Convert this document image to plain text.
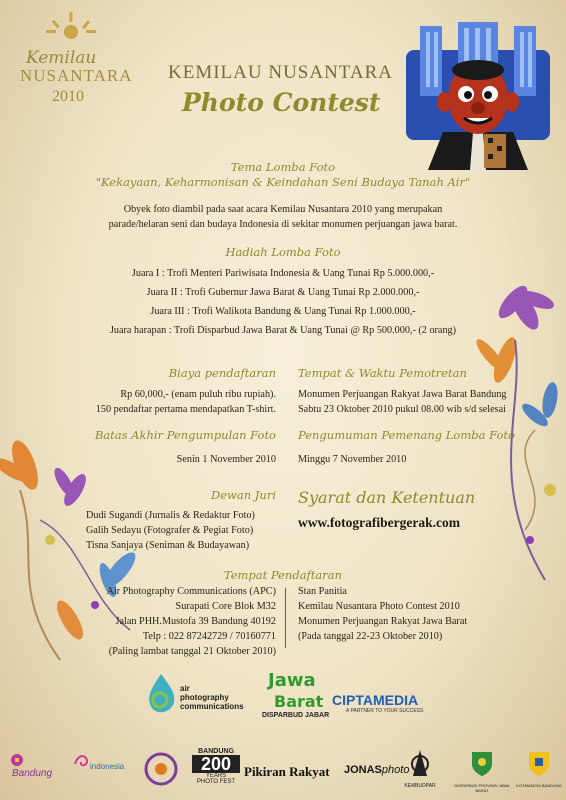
Kemilau
NUSANTARA
2010
KEMILAU NUSANTARA
Photo Contest
Tema Lomba Foto
"Kekayaan, Keharmonisan & Keindahan Seni Budaya Tanah Air"
Obyek foto diambil pada saat acara Kemilau Nusantara 2010 yang merupakan
parade/helaran seni dan budaya Indonesia di sekitar monumen perjuangan jawa barat.
Hadiah Lomba Foto
Juara I : Trofi Menteri Pariwisata Indonesia & Uang Tunai Rp 5.000.000,-
Juara II : Trofi Gubernur Jawa Barat & Uang Tunai Rp 2.000.000,-
Juara III : Trofi Walikota Bandung & Uang Tunai Rp 1.000.000,-
Juara harapan : Trofi Disparbud Jawa Barat & Uang Tunai @ Rp 500.000,- (2 orang)
Biaya pendaftaran
Rp 60,000,- (enam puluh ribu rupiah).
150 pendaftar pertama mendapatkan T-shirt.
Tempat & Waktu Pemotretan
Monumen Perjuangan Rakyat Jawa Barat Bandung
Sabtu 23 Oktober 2010 pukul 08.00 wib s/d selesai
Batas Akhir Pengumpulan Foto
Senin 1 November 2010
Pengumuman Pemenang Lomba Foto
Minggu 7 November 2010
Dewan Juri
Dudi Sugandi (Jurnalis & Redaktur Foto)
Galih Sedayu (Fotografer & Pegiat Foto)
Tisna Sanjaya (Seniman & Budayawan)
Syarat dan Ketentuan
www.fotografibergerak.com
Tempat Pendaftaran
Air Photography Communications (APC)
Surapati Core Blok M32
Jalan PHH.Mustofa 39 Bandung 40192
Telp : 022 87242729 / 70160771
(Paling lambat tanggal 21 Oktober 2010)
Stan Panitia
Kemilau Nusantara Photo Contest 2010
Monumen Perjuangan Rakyat Jawa Barat
(Pada tanggal 22-23 Oktober 2010)
air
photography
communications
Jawa
Barat
DISPARBUD JABAR
CIPTAMEDIA
A PARTNER TO YOUR SUCCESS
Bandung
indonesia
BANDUNG
200
YEARS
PHOTO FEST
Pikiran Rakyat JONASphoto
KEMBUDPAR	DISPARBUD PROVINSI JAWA BARAT
KOTAMADYA BANDUNG
